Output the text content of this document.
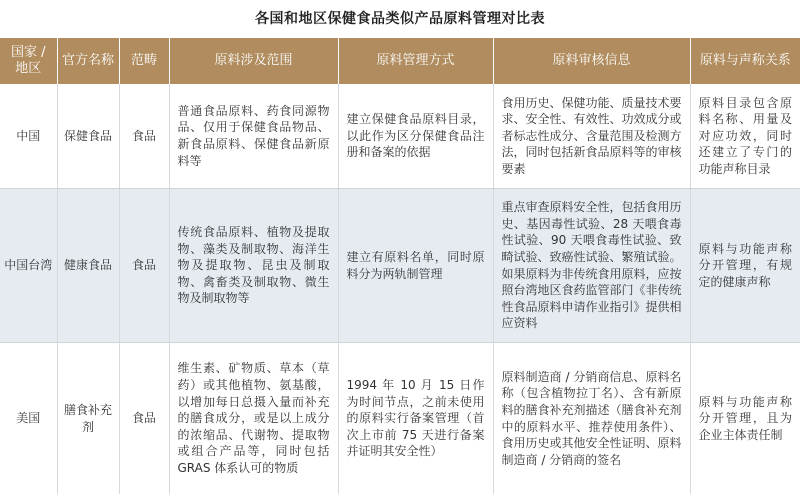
各国和地区保健食品类似产品原料管理对比表
国家 / 地区	官方名称	范畴	原料涉及范围	原料管理方式	原料审核信息	原料与声称关系
中国	保健食品	食品	普通食品原料、药食同源物品、仅用于保健食品物品、新食品原料、保健食品新原料等	建立保健食品原料目录，以此作为区分保健食品注册和备案的依据	食用历史、保健功能、质量技术要求、安全性、有效性、功效成分或者标志性成分、含量范围及检测方法，同时包括新食品原料等的审核要素	原料目录包含原料名称、用量及对应功效，同时还建立了专门的功能声称目录
中国台湾	健康食品	食品	传统食品原料、植物及提取物、藻类及制取物、海洋生物及提取物、昆虫及制取物、禽畜类及制取物、微生物及制取物等	建立有原料名单，同时原料分为两轨制管理	重点审查原料安全性，包括食用历史、基因毒性试验、28 天喂食毒性试验、90 天喂食毒性试验、致畸试验、致癌性试验、繁殖试验。如果原料为非传统食用原料，应按照台湾地区食药监管部门《非传统性食品原料申请作业指引》提供相应资料	原料与功能声称分开管理，有规定的健康声称
美国	膳食补充剂	食品	维生素、矿物质、草本（草药）或其他植物、氨基酸，以增加每日总摄入量而补充的膳食成分，或是以上成分的浓缩品、代谢物、提取物或组合产品等，同时包括 GRAS 体系认可的物质	1994 年 10 月 15 日作为时间节点，之前未使用的原料实行备案管理（首次上市前 75 天进行备案并证明其安全性）	原料制造商 / 分销商信息、原料名称（包含植物拉丁名）、含有新原料的膳食补充剂描述（膳食补充剂中的原料水平、推荐使用条件）、食用历史或其他安全性证明、原料制造商 / 分销商的签名	原料与功能声称分开管理，且为企业主体责任制
